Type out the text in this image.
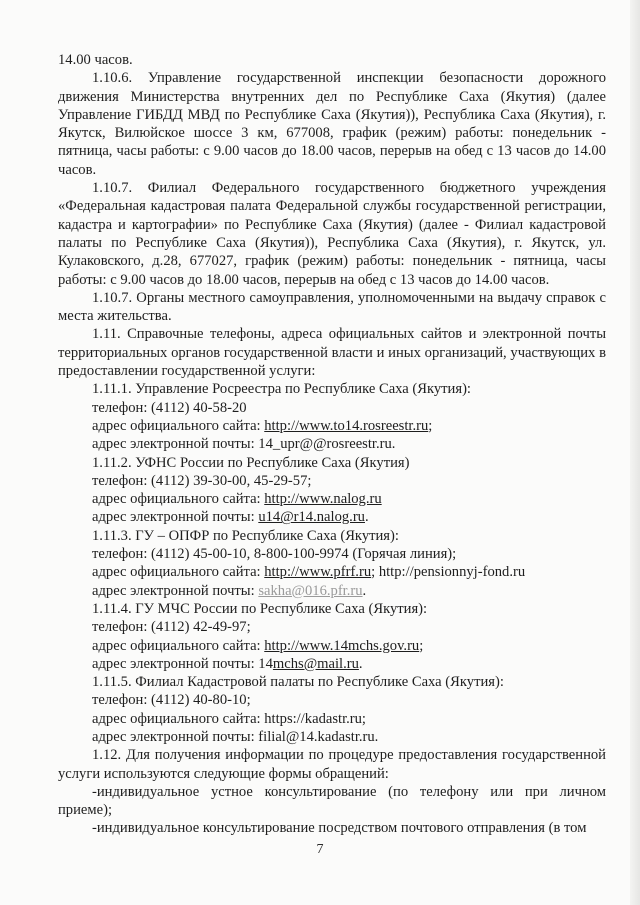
14.00 часов.

1.10.6. Управление государственной инспекции безопасности дорожного движения Министерства внутренних дел по Республике Саха (Якутия) (далее Управление ГИБДД МВД по Республике Саха (Якутия)), Республика Саха (Якутия), г. Якутск, Вилюйское шоссе 3 км, 677008, график (режим) работы: понедельник - пятница, часы работы: с 9.00 часов до 18.00 часов, перерыв на обед с 13 часов до 14.00 часов.

1.10.7. Филиал Федерального государственного бюджетного учреждения «Федеральная кадастровая палата Федеральной службы государственной регистрации, кадастра и картографии» по Республике Саха (Якутия) (далее - Филиал кадастровой палаты по Республике Саха (Якутия)), Республика Саха (Якутия), г. Якутск, ул. Кулаковского, д.28, 677027, график (режим) работы: понедельник - пятница, часы работы: с 9.00 часов до 18.00 часов, перерыв на обед с 13 часов до 14.00 часов.

1.10.7. Органы местного самоуправления, уполномоченными на выдачу справок с места жительства.

1.11. Справочные телефоны, адреса официальных сайтов и электронной почты территориальных органов государственной власти и иных организаций, участвующих в предоставлении государственной услуги:

1.11.1. Управление Росреестра по Республике Саха (Якутия):
телефон: (4112) 40-58-20
адрес официального сайта: http://www.to14.rosreestr.ru;
адрес электронной почты: 14_upr@@rosreestr.ru.
1.11.2. УФНС России по Республике Саха (Якутия)
телефон: (4112) 39-30-00, 45-29-57;
адрес официального сайта: http://www.nalog.ru
адрес электронной почты: u14@r14.nalog.ru.
1.11.3. ГУ – ОПФР по Республике Саха (Якутия):
телефон: (4112) 45-00-10, 8-800-100-9974 (Горячая линия);
адрес официального сайта: http://www.pfrf.ru; http://pensionnyj-fond.ru
адрес электронной почты: sakha@016.pfr.ru.
1.11.4. ГУ МЧС России по Республике Саха (Якутия):
телефон: (4112) 42-49-97;
адрес официального сайта: http://www.14mchs.gov.ru;
адрес электронной почты: 14mchs@mail.ru.
1.11.5. Филиал Кадастровой палаты по Республике Саха (Якутия):
телефон: (4112) 40-80-10;
адрес официального сайта: https://kadastr.ru;
адрес электронной почты: filial@14.kadastr.ru.

1.12. Для получения информации по процедуре предоставления государственной услуги используются следующие формы обращений:

-индивидуальное устное консультирование (по телефону или при личном приеме);

-индивидуальное консультирование посредством почтового отправления (в том

7
